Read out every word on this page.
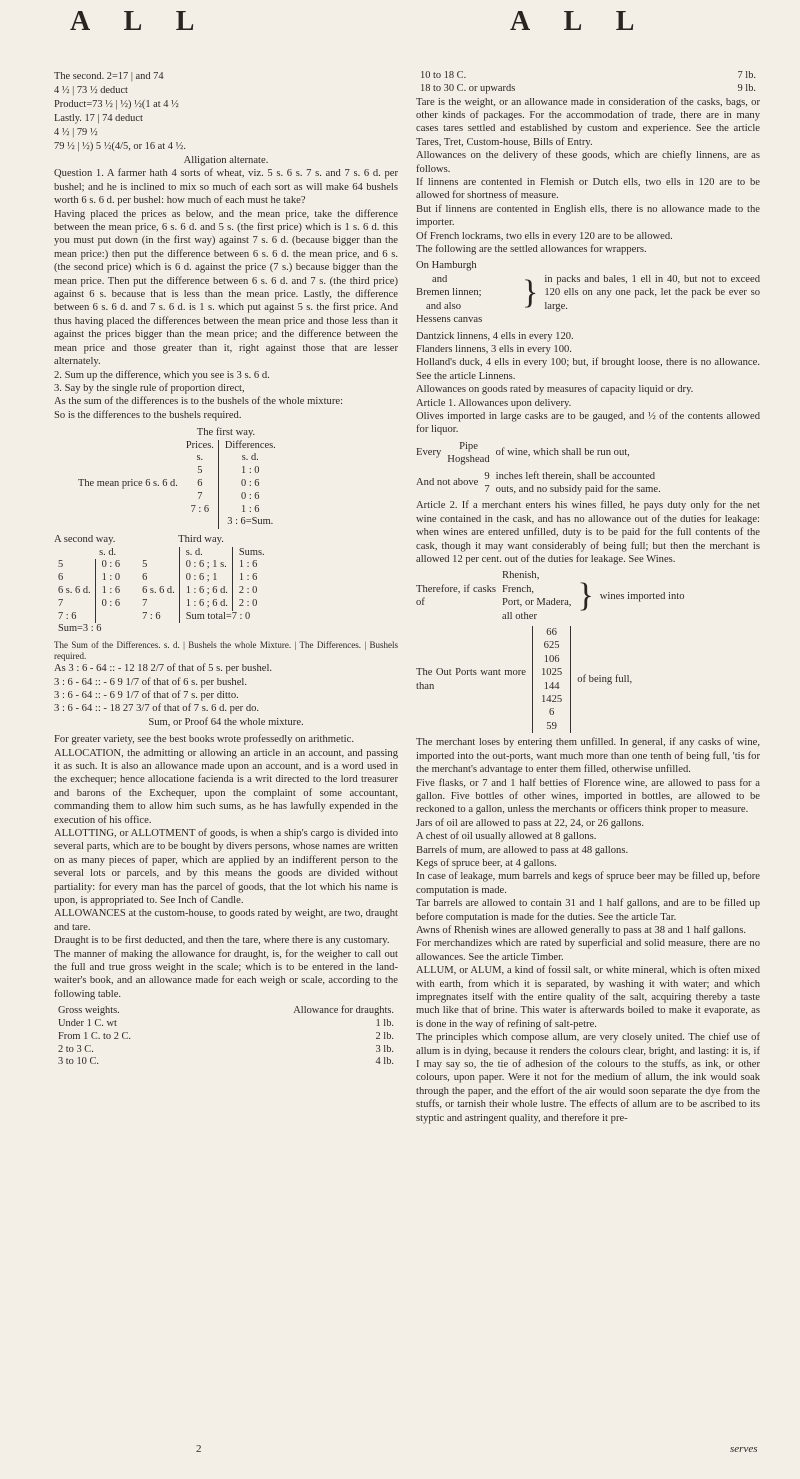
A L L	A L L
The second. 2=17 | and 74
4 ½ | 73 ½ deduct
Product=73 ½ | ½) ½(1 at 4 ½
Lastly. 17 | 74 deduct
4 ½ | 79 ½
79 ½ | ½) 5 ½(4/5, or 16 at 4 ½.
Alligation alternate.

Question 1. A farmer hath 4 sorts of wheat, viz. 5 s. 6 s. 7 s. and 7 s. 6 d. per bushel; and he is inclined to mix so much of each sort as will make 64 bushels worth 6 s. 6 d. per bushel: how much of each must he take?

Having placed the prices as below, and the mean price, take the difference between the mean price, 6 s. 6 d. and 5 s. (the first price) which is 1 s. 6 d. this you must put down (in the first way) against 7 s. 6 d. (because bigger than the mean price:) then put the difference between 6 s. 6 d. the mean price, and 6 s. (the second price) which is 6 d. against the price (7 s.) because bigger than the mean price. Then put the difference between 6 s. 6 d. and 7 s. (the third price) against 6 s. because that is less than the mean price. Lastly, the difference between 6 s. 6 d. and 7 s. 6 d. is 1 s. which put against 5 s. the first price. And thus having placed the differences between the mean price and those less than it against the prices bigger than the mean price; and the difference between the mean price and those greater than it, right against those that are lesser alternately.

2. Sum up the difference, which you see is 3 s. 6 d.

3. Say by the single rule of proportion direct,

As the sum of the differences is to the bushels of the whole mixture:

So is the differences to the bushels required.

The first way.
	Prices.	Differences.
	s.	s. d.
	5	1 : 0
The mean price 6 s. 6 d.	6	0 : 6
	7	0 : 6
	7 : 6	1 : 6
		3 : 6=Sum.
A second way.
	s. d.
5	0 : 6
6	1 : 0
6 s. 6 d.	1 : 6
7	0 : 6
7 : 6	
Sum=3 : 6	
Third way.
	s. d.	Sums.
5	0 : 6 ; 1 s.	1 : 6
6	0 : 6 ; 1	1 : 6
6 s. 6 d.	1 : 6 ; 6 d.	2 : 0
7	1 : 6 ; 6 d.	2 : 0
7 : 6	Sum total=7 : 0	
The Sum of the Differences. s. d. | Bushels the whole Mixture. | The Differences. | Bushels required.
As 3 : 6 - 64 :: - 12 18 2/7 of that of 5 s. per bushel.
3 : 6 - 64 :: - 6 9 1/7 of that of 6 s. per bushel.
3 : 6 - 64 :: - 6 9 1/7 of that of 7 s. per ditto.
3 : 6 - 64 :: - 18 27 3/7 of that of 7 s. 6 d. per do.
Sum, or Proof 64 the whole mixture.

For greater variety, see the best books wrote professedly on arithmetic.

ALLOCATION, the admitting or allowing an article in an account, and passing it as such. It is also an allowance made upon an account, and is a word used in the exchequer; hence allocatione facienda is a writ directed to the lord treasurer and barons of the Exchequer, upon the complaint of some accountant, commanding them to allow him such sums, as he has lawfully expended in the execution of his office.

ALLOTTING, or ALLOTMENT of goods, is when a ship's cargo is divided into several parts, which are to be bought by divers persons, whose names are written on as many pieces of paper, which are applied by an indifferent person to the several lots or parcels, and by this means the goods are divided without partiality: for every man has the parcel of goods, that the lot which his name is upon, is appropriated to. See Inch of Candle.

ALLOWANCES at the custom-house, to goods rated by weight, are two, draught and tare.

Draught is to be first deducted, and then the tare, where there is any customary.

The manner of making the allowance for draught, is, for the weigher to call out the full and true gross weight in the scale; which is to be entered in the land-waiter's book, and an allowance made for each weigh or scale, according to the following table.

Gross weights.	Allowance for draughts.
Under 1 C. wt	1 lb.
From 1 C. to 2 C.	2 lb.
2 to 3 C.	3 lb.
3 to 10 C.	4 lb.
10 to 18 C.	7 lb.
18 to 30 C. or upwards	9 lb.

Tare is the weight, or an allowance made in consideration of the casks, bags, or other kinds of packages. For the accommodation of trade, there are in many cases tares settled and established by custom and experience. See the article Tares, Tret, Custom-house, Bills of Entry.

Allowances on the delivery of these goods, which are chiefly linnens, are as follows.

If linnens are contented in Flemish or Dutch ells, two ells in 120 are to be allowed for shortness of measure.

But if linnens are contented in English ells, there is no allowance made to the importer.

Of French lockrams, two ells in every 120 are to be allowed.

The following are the settled allowances for wrappers.

On Hamburgh
and
Bremen linnen;
and also
Hessens canvas
} in packs and bales, 1 ell in 40, but not to exceed 120 ells on any one pack, let the pack be ever so large.

Dantzick linnens, 4 ells in every 120.

Flanders linnens, 3 ells in every 100.

Holland's duck, 4 ells in every 100; but, if brought loose, there is no allowance. See the article Linnens.

Allowances on goods rated by measures of capacity liquid or dry.

Article 1. Allowances upon delivery.

Olives imported in large casks are to be gauged, and ½ of the contents allowed for liquor.

Every
Pipe
Hogshead
of wine, which shall be run out,
And not above
9
7
inches left therein, shall be accounted
outs, and no subsidy paid for the same.

Article 2. If a merchant enters his wines filled, he pays duty only for the net wine contained in the cask, and has no allowance out of the duties for leakage: when wines are entered unfilled, duty is to be paid for the full contents of the cask, though it may want considerably of being full; but then the merchant is allowed 12 per cent. out of the duties for leakage. See Wines.

Therefore, if casks of
Rhenish,
French,
Port, or Madera,
all other
} wines imported into
The Out Ports want more than
66
625
106
1025
144
1425
6
59
of being full,

The merchant loses by entering them unfilled. In general, if any casks of wine, imported into the out-ports, want much more than one tenth of being full, 'tis for the merchant's advantage to enter them filled, otherwise unfilled.

Five flasks, or 7 and 1 half betties of Florence wine, are allowed to pass for a gallon. Five bottles of other wines, imported in bottles, are allowed to be reckoned to a gallon, unless the merchants or officers think proper to measure.

Jars of oil are allowed to pass at 22, 24, or 26 gallons.

A chest of oil usually allowed at 8 gallons.

Barrels of mum, are allowed to pass at 48 gallons.

Kegs of spruce beer, at 4 gallons.

In case of leakage, mum barrels and kegs of spruce beer may be filled up, before computation is made.

Tar barrels are allowed to contain 31 and 1 half gallons, and are to be filled up before computation is made for the duties. See the article Tar.

Awns of Rhenish wines are allowed generally to pass at 38 and 1 half gallons.

For merchandizes which are rated by superficial and solid measure, there are no allowances. See the article Timber.

ALLUM, or ALUM, a kind of fossil salt, or white mineral, which is often mixed with earth, from which it is separated, by washing it with water; and which impregnates itself with the entire quality of the salt, acquiring thereby a taste much like that of brine. This water is afterwards boiled to make it evaporate, as is done in the way of refining of salt-petre.

The principles which compose allum, are very closely united. The chief use of allum is in dying, because it renders the colours clear, bright, and lasting: it is, if I may say so, the tie of adhesion of the colours to the stuffs, as ink, or other colours, upon paper. Were it not for the medium of allum, the ink would soak through the paper, and the effort of the air would soon separate the dye from the stuffs, or tarnish their whole lustre. The effects of allum are to be ascribed to its styptic and astringent quality, and therefore it pre-

2	serves
